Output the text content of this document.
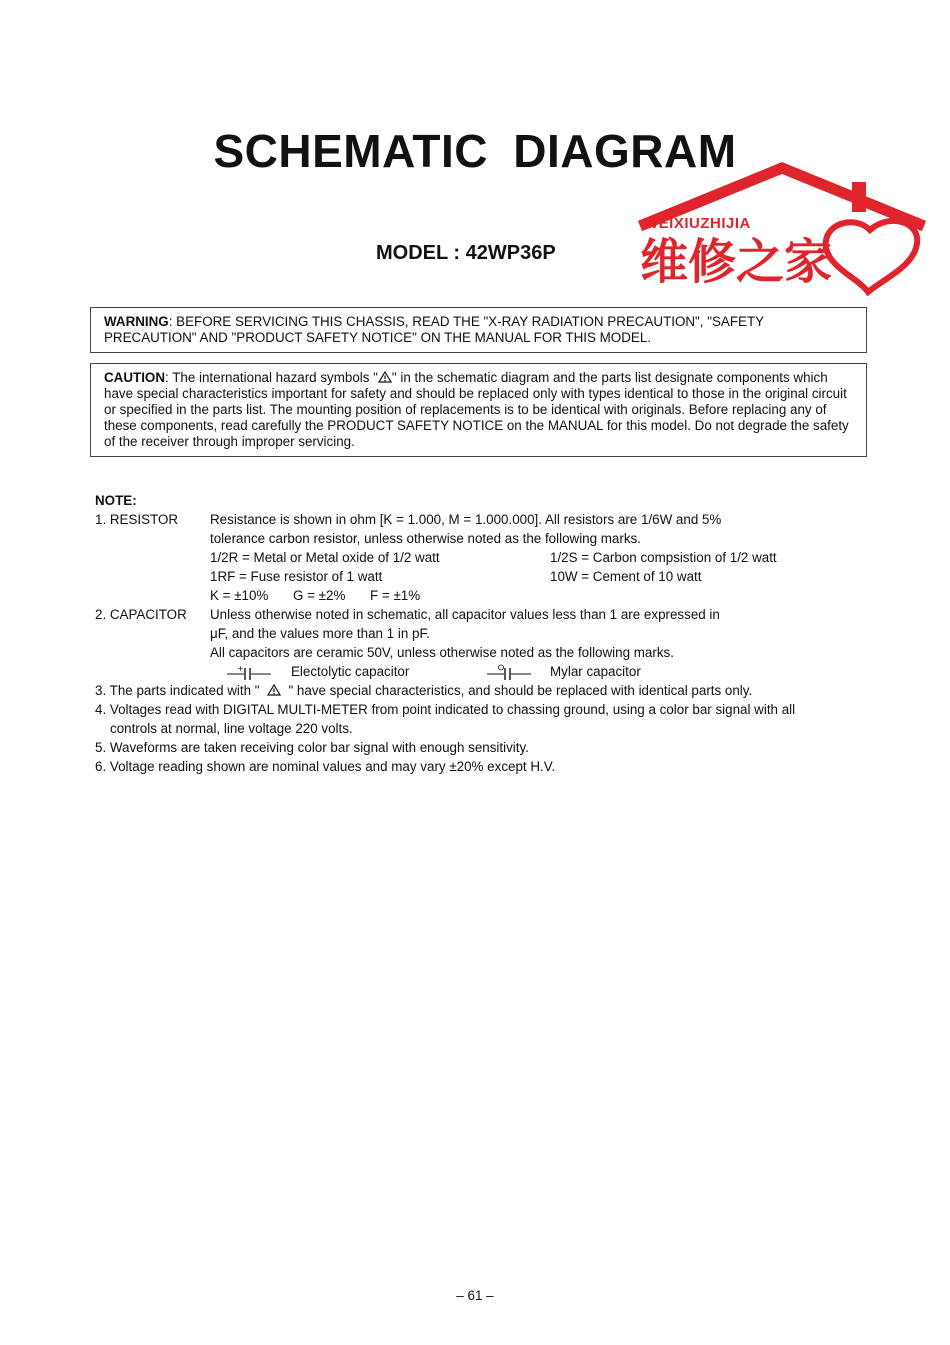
SCHEMATIC DIAGRAM
MODEL : 42WP36P
WEIXIUZHIJIA
维修之家
WARNING: BEFORE SERVICING THIS CHASSIS, READ THE "X-RAY RADIATION PRECAUTION", "SAFETY PRECAUTION" AND "PRODUCT SAFETY NOTICE" ON THE MANUAL FOR THIS MODEL.
CAUTION: The international hazard symbols " " in the schematic diagram and the parts list designate components which have special characteristics important for safety and should be replaced only with types identical to those in the original circuit or specified in the parts list. The mounting position of replacements is to be identical with originals. Before replacing any of these components, read carefully the PRODUCT SAFETY NOTICE on the MANUAL for this model. Do not degrade the safety of the receiver through improper servicing.
NOTE:
1. RESISTOR Resistance is shown in ohm [K = 1.000, M = 1.000.000]. All resistors are 1/6W and 5%
tolerance carbon resistor, unless otherwise noted as the following marks.
1/2R = Metal or Metal oxide of 1/2 watt	1/2S = Carbon compsistion of 1/2 watt
1RF = Fuse resistor of 1 watt	10W = Cement of 10 watt
K = ±10% G = ±2% F = ±1%
2. CAPACITOR Unless otherwise noted in schematic, all capacitor values less than 1 are expressed in
μF, and the values more than 1 in pF.
All capacitors are ceramic 50V, unless otherwise noted as the following marks.
+	Electolytic capacitor	Mylar capacitor
3. The parts indicated with " " have special characteristics, and should be replaced with identical parts only.
4. Voltages read with DIGITAL MULTI-METER from point indicated to chassing ground, using a color bar signal with all
controls at normal, line voltage 220 volts.
5. Waveforms are taken receiving color bar signal with enough sensitivity.
6. Voltage reading shown are nominal values and may vary ±20% except H.V.
– 61 –
